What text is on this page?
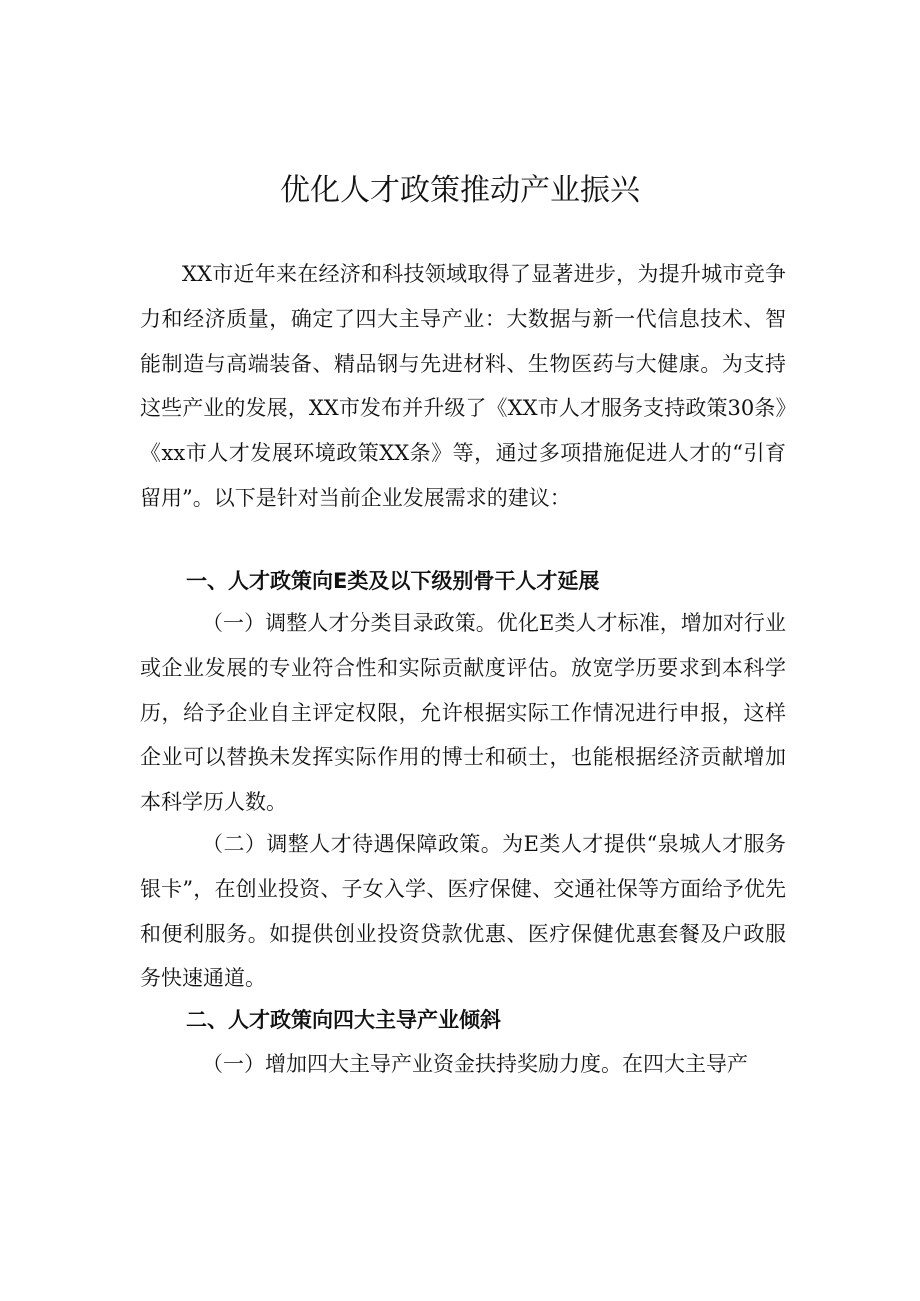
优化人才政策推动产业振兴

XX市近年来在经济和科技领域取得了显著进步，为提升城市竞争力和经济质量，确定了四大主导产业：大数据与新一代信息技术、智能制造与高端装备、精品钢与先进材料、生物医药与大健康。为支持这些产业的发展，XX市发布并升级了《XX市人才服务支持政策30条》《xx市人才发展环境政策XX条》等，通过多项措施促进人才的“引育留用”。以下是针对当前企业发展需求的建议：

一、人才政策向E类及以下级别骨干人才延展

（一）调整人才分类目录政策。优化E类人才标准，增加对行业或企业发展的专业符合性和实际贡献度评估。放宽学历要求到本科学历，给予企业自主评定权限，允许根据实际工作情况进行申报，这样企业可以替换未发挥实际作用的博士和硕士，也能根据经济贡献增加本科学历人数。

（二）调整人才待遇保障政策。为E类人才提供“泉城人才服务银卡”，在创业投资、子女入学、医疗保健、交通社保等方面给予优先和便利服务。如提供创业投资贷款优惠、医疗保健优惠套餐及户政服务快速通道。

二、人才政策向四大主导产业倾斜

（一）增加四大主导产业资金扶持奖励力度。在四大主导产
